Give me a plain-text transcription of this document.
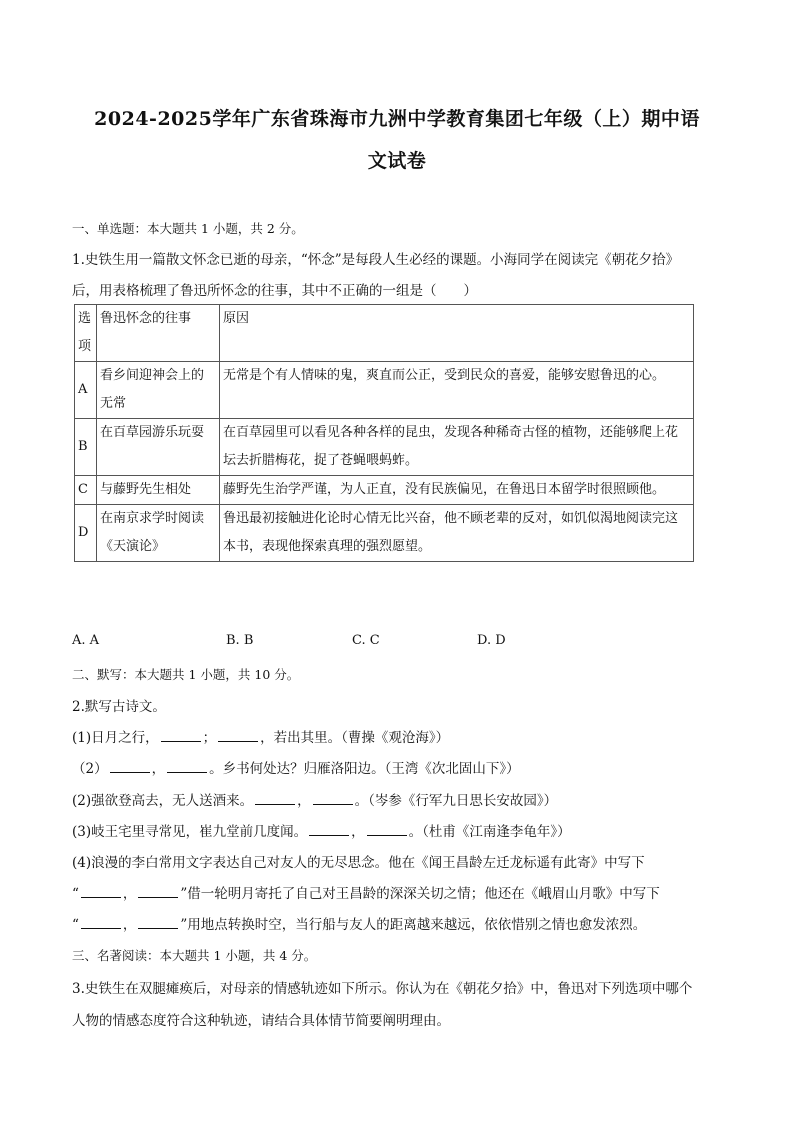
2024-2025学年广东省珠海市九洲中学教育集团七年级（上）期中语
文试卷
一、单选题：本大题共 1 小题，共 2 分。
1.史铁生用一篇散文怀念已逝的母亲，“怀念”是每段人生必经的课题。小海同学在阅读完《朝花夕拾》
后，用表格梳理了鲁迅所怀念的往事，其中不正确的一组是（　　）
选项	鲁迅怀念的往事	原因
A	看乡间迎神会上的无常	无常是个有人情味的鬼，爽直而公正，受到民众的喜爱，能够安慰鲁迅的心。
B	在百草园游乐玩耍	在百草园里可以看见各种各样的昆虫，发现各种稀奇古怪的植物，还能够爬上花坛去折腊梅花，捉了苍蝇喂蚂蚱。
C	与藤野先生相处	藤野先生治学严谨，为人正直，没有民族偏见，在鲁迅日本留学时很照顾他。
D	在南京求学时阅读《天演论》	鲁迅最初接触进化论时心情无比兴奋，他不顾老辈的反对，如饥似渴地阅读完这本书，表现他探索真理的强烈愿望。
A. A	B. B	C. C	D. D
二、默写：本大题共 1 小题，共 10 分。
2.默写古诗文。
(1)日月之行，	；	，若出其里。（曹操《观沧海》）
（2）	，	。乡书何处达？归雁洛阳边。（王湾《次北固山下》）
(2)强欲登高去，无人送酒来。	，	。（岑参《行军九日思长安故园》）
(3)岐王宅里寻常见，崔九堂前几度闻。	，	。（杜甫《江南逢李龟年》）
(4)浪漫的李白常用文字表达自己对友人的无尽思念。他在《闻王昌龄左迁龙标遥有此寄》中写下
“	，	”借一轮明月寄托了自己对王昌龄的深深关切之情；他还在《峨眉山月歌》中写下
“	，	”用地点转换时空，当行船与友人的距离越来越远，依依惜别之情也愈发浓烈。
三、名著阅读：本大题共 1 小题，共 4 分。
3.史铁生在双腿瘫痪后，对母亲的情感轨迹如下所示。你认为在《朝花夕拾》中，鲁迅对下列选项中哪个
人物的情感态度符合这种轨迹，请结合具体情节简要阐明理由。
